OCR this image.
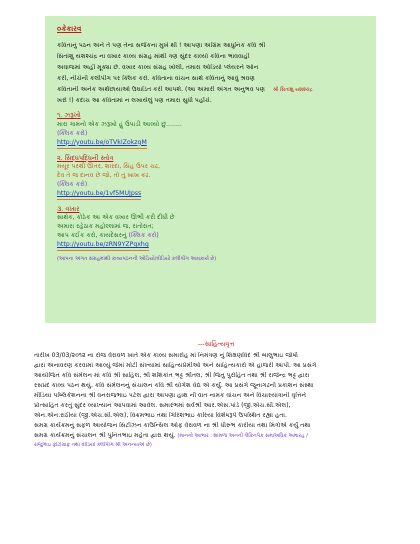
૦કેકારવ
કવિતાનું પઠન અને તે પણ તેના સર્જકના મુખે થી ! આપણા અગ્રિમ આધુનિક કવિ શ્રી
સિતાંશુ યશશ્ચંદ્ર ના વખાર કાવ્ય સંગ્રહ માંથી ત્રણ સુંદર કાવ્યો કવિના ભાવવાહી
અવાજમાં અહીં મૂક્યા છે. વખાર કાવ્ય સંગ્રહ ખોલી, તમારા ઓડિયો પ્લેયરને ઓન
કરી, નીચેની કલીપીંગ પર ક્લિક કરો. કવિતાના વાંચન સાથે કવિતાનું આવું શ્રવણ
કવિતાની અનેક અર્થછાયાઓ ઉઘાડિત કરી આપશે. (આ અમારી અંગત અનુભવ પણ શ્રી સિતાંશુ યશશ્ચંદ્ર
ખરો !) કદાચ આ કવિતામાં ન લખાયેલું પણ તમારા સુધી પહોંચે.
૧. ઝરૂખો
મારા ગામનો એક ઝરૂખો હું ઉપાડી આવ્યો છું........
(ક્લિક કરો)
http://youtu.be/oTVkIZokzgM
૨. સિદ્ધપદ્ધિની સ્તોત્ર
મયૂર પરથી ઊતર, શારદા, સિંહ ઉપર ચઢ,
દેવ તે જ દાનવ છે જો, તો તું ખાખ કઢ.
(ક્લિક કરો)
http://youtu.be/1vf5MUJpss
૩. વખાર
સાથેક, કોઠેક આ એક વખાર ઊભી કરી દીધી છે
અમારા રહેઠાક મહોલ્લામાં જ, રાતોરાત;
આપ કઈક કરો, કાયદેસરનું (ક્લિક કરો)
http://youtu.be/zRN9YZPgxhg
(આપના અંગત સંગ્રહમાંથી કાવ્યપઠનની ઓડિયો/વીડિયો કલીપીંગ આવકાર્ય છે)
---સાહિત્યવૃત્ત
તારીખ 03/03/૨૦૧૨ ના રોજ વેરાવળ ખાતે એક કાવ્ય સમારોહ માં નિમંત્રણ નું શિક્ષણવિદ શ્રી બાલુભાઇ જોષી
દ્વારા અનાવરણ કરવામાં આવ્યું જેમાં મોટી સંખ્યામાં સાહિત્યપ્રેમીઓ અને સાહિત્યકારો એ હાજરી આપી. આ પ્રસંગે
આયોજિત કવિ સંમેલન માં કવિ શ્રી સાહિલ, શ્રી શશિકાંત ભટ્ટ શ્રીતલ, શ્રી જિતુ પુરોહિત તથા શ્રી રાજેન્દ્ર ભટ્ટ દ્વારા
રસપ્રદ કાવ્ય પઠન થયું. કવિ સંમેલનનું સંચાલન કવિ શ્રી યોગેશ વૈદ્ય એ કર્યું. આ પ્રસંગે જૂનાગઢની પ્રકાશન સંસ્થા
મીડિયા પબ્લિકેશનના શ્રી વનરાજભાઇ પટેલ દ્વારા આપણા હાથ ની વાત નામક વાંચન અને વિચારયાત્રાની વૃત્તિને
પ્રોત્સાહિત કરતું સુંદર વ્યાખ્યાન આપવામાં આવેલ. સમારંભમાં સર્વશ્રી આર.એસ.પાંડે (જી.એચ.સી.એલ),
એન.એન.રાઠીયા (જી.એચ.સી.એલ), વિક્રમભાઇ તથા ગિરિશભાઇ કારિયા વિશેષરૂપે ઉપસ્થિત રહ્યા હતા.
સમગ્ર કાર્યક્રમનું સફળ આયોજન સિટીઝન કાઉન્સિલ ઓફ વેરાવળ ના શ્રી ધીરુભ કારીયા તથા મિત્રોએ કર્યું તથા
સમગ્ર કાર્યક્રમનું સંચાલન શ્રી પુનિતભાઇ મહેતા દ્વારા થયું. (માનનો આભાર : શામળાં અનની લેકિનપેક સમાઅધિક અમારહ /
રાજુભાઇ ફોટોગ્રાફ તથા વીડિયો ક્લીપીંગ શ્રી અનન્યાએ છે)
